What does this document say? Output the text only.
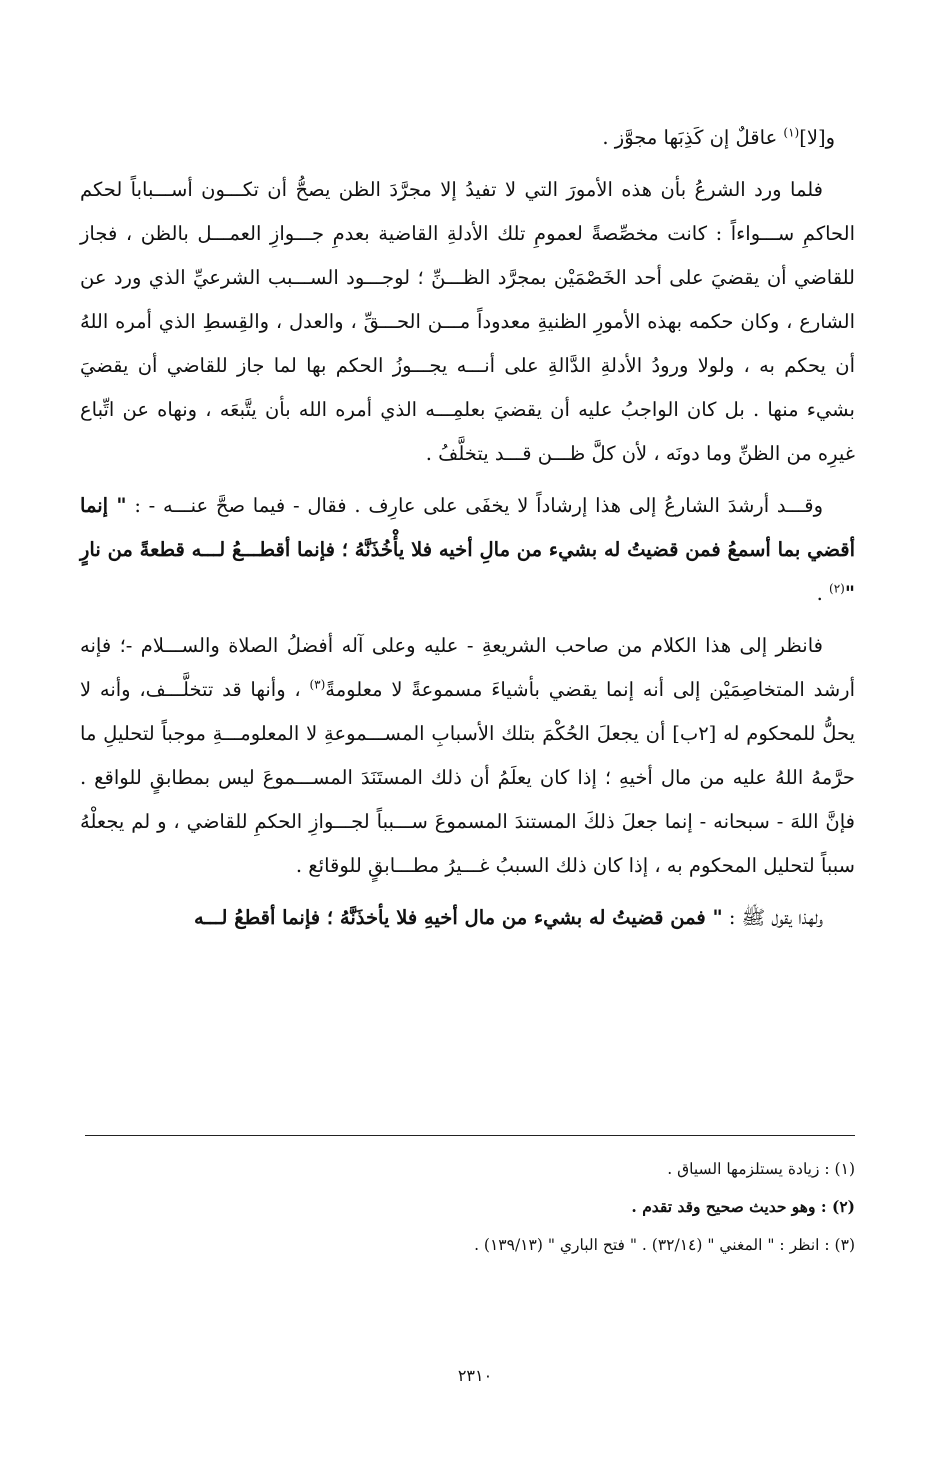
و[لا]$^{(١)}$ عاقلٌ إن كَذِبَها مجوَّز .

فلما ورد الشرعُ بأن هذه الأمورَ التي لا تفيدُ إلا مجرَّدَ الظن يصحُّ أن تكـــون أســـباباً لحكم الحاكمِ ســـواءاً : كانت مخصِّصةً لعمومِ تلك الأدلةِ القاضية بعدمِ جـــوازِ العمـــل بالظن ، فجاز للقاضي أن يقضيَ على أحد الخَصْمَيْن بمجرَّد الظـــنِّ ؛ لوجـــود الســـبب الشرعيِّ الذي ورد عن الشارع ، وكان حكمه بهذه الأمورِ الظنيةِ معدوداً مـــن الحـــقِّ ، والعدل ، والقِسطِ الذي أمره اللهُ أن يحكم به ، ولولا ورودُ الأدلةِ الدَّالةِ على أنـــه يجـــوزُ الحكم بها لما جاز للقاضي أن يقضيَ بشيء منها . بل كان الواجبُ عليه أن يقضيَ بعلمِـــه الذي أمره الله بأن يتَّبعَه ، ونهاه عن اتِّباع غيرِه من الظنِّ وما دونَه ، لأن كلَّ ظـــن قـــد يتخلَّفُ .

وقـــد أرشدَ الشارعُ إلى هذا إرشاداً لا يخفَى على عارِف . فقال - فيما صحَّ عنـــه - : " إنما أقضي بما أسمعُ فمن قضيتُ له بشيء من مالِ أخيه فلا يأْخُذَنَّهُ ؛ فإنما أقطـــعُ لـــه قطعةً من نارٍ "$^{(٢)}$ .

فانظر إلى هذا الكلام من صاحب الشريعةِ - عليه وعلى آله أفضلُ الصلاة والســـلام -؛ فإنه أرشد المتخاصِمَيْن إلى أنه إنما يقضي بأشياءَ مسموعةً لا معلومةً$^{(٣)}$ ، وأنها قد تتخلَّـــف، وأنه لا يحلُّ للمحكوم له [٢ب] أن يجعلَ الحُكْمَ بتلك الأسبابِ المســـموعةِ لا المعلومـــةِ موجباً لتحليلِ ما حرَّمهُ اللهُ عليه من مال أخيهِ ؛ إذا كان يعلَمُ أن ذلك المستَنَدَ المســـموعَ ليس بمطابقٍ للواقع . فإنَّ اللهَ - سبحانه - إنما جعلَ ذلكَ المستندَ المسموعَ ســـبباً لجـــوازِ الحكمِ للقاضي ، و لم يجعلْهُ سبباً لتحليل المحكوم به ، إذا كان ذلك السببُ غـــيرُ مطـــابقٍ للوقائع .

ولهذا يقول ﷺ : " فمن قضيتُ له بشيء من مال أخيهِ فلا يأخذَنَّهُ ؛ فإنما أقطعُ لـــه

(١) : زيادة يستلزمها السياق .

(٢) : وهو حديث صحيح وقد تقدم .

(٣) : انظر : " المغني " (٣٢/١٤) . " فتح الباري " (١٣٩/١٣) .

٢٣١٠
